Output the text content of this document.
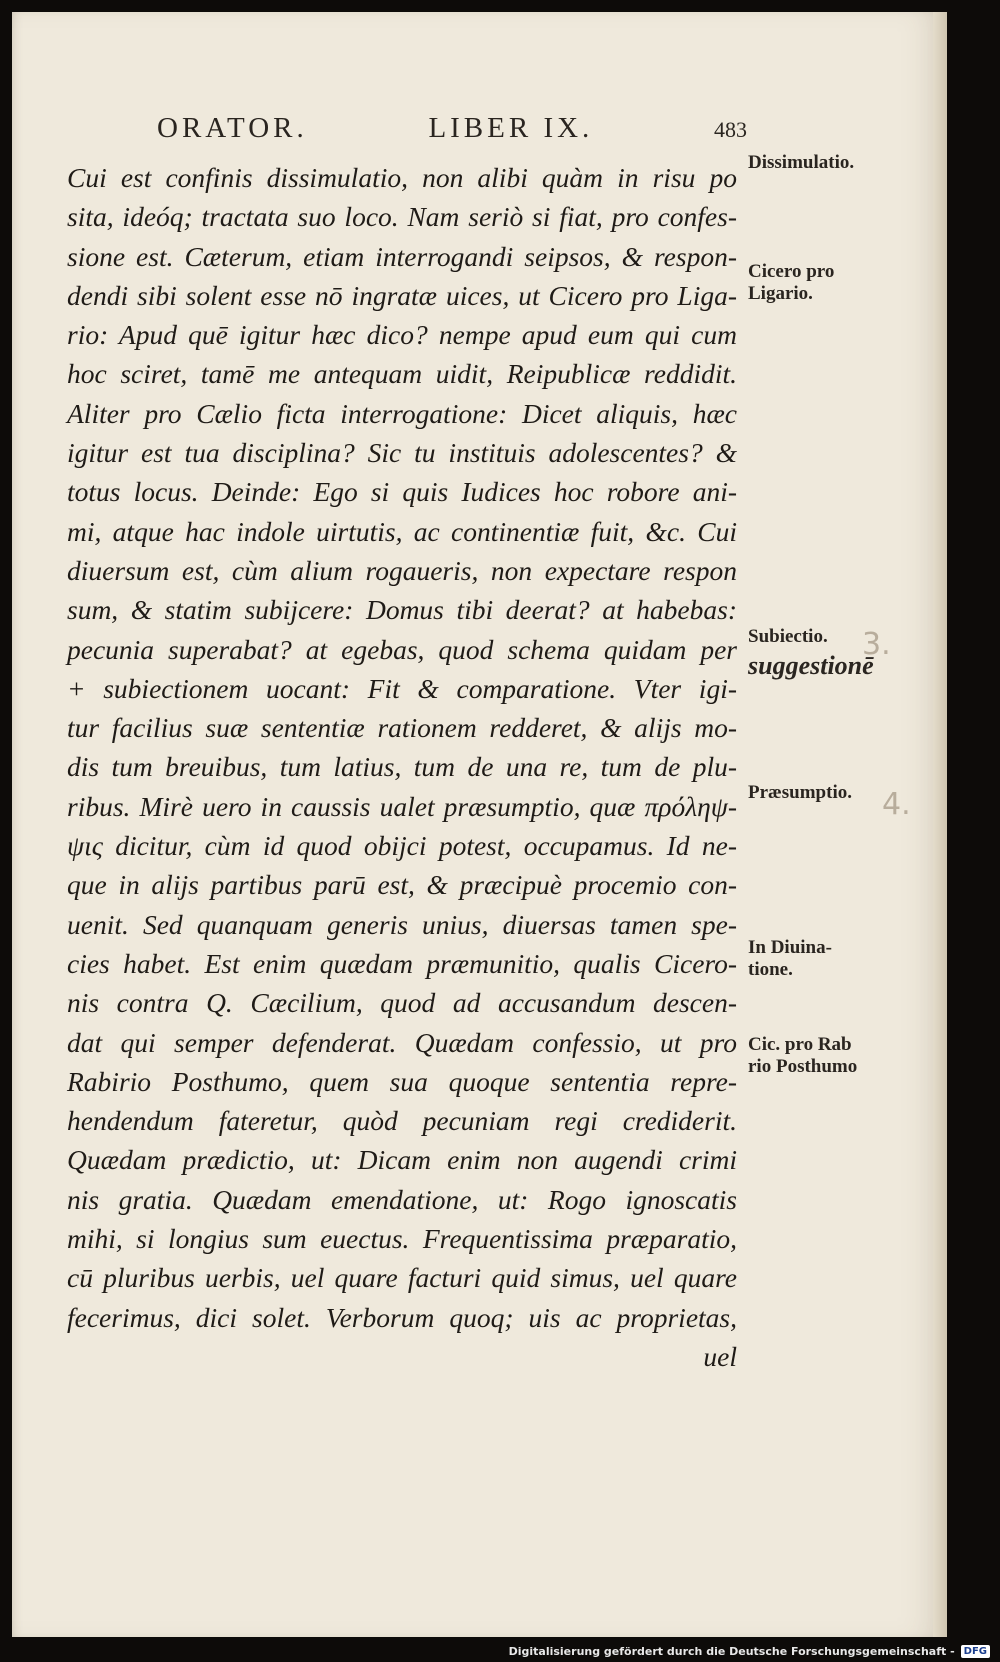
ORATOR.	LIBER IX.	483
Cui est confinis dissimulatio, non alibi quàm in risu po
sita, ideóq; tractata suo loco. Nam seriò si fiat, pro confes-
sione est. Cæterum, etiam interrogandi seipsos, & respon-
dendi sibi solent esse nō ingratæ uices, ut Cicero pro Liga-
rio: Apud quē igitur hæc dico? nempe apud eum qui cum
hoc sciret, tamē me antequam uidit, Reipublicæ reddidit.
Aliter pro Cælio ficta interrogatione: Dicet aliquis, hæc
igitur est tua disciplina? Sic tu instituis adolescentes? &
totus locus. Deinde: Ego si quis Iudices hoc robore ani-
mi, atque hac indole uirtutis, ac continentiæ fuit, &c. Cui
diuersum est, cùm alium rogaueris, non expectare respon
sum, & statim subijcere: Domus tibi deerat? at habebas:
pecunia superabat? at egebas, quod schema quidam per
+ subiectionem uocant: Fit & comparatione. Vter igi-
tur facilius suæ sententiæ rationem redderet, & alijs mo-
dis tum breuibus, tum latius, tum de una re, tum de plu-
ribus. Mirè uero in caussis ualet præsumptio, quæ πρόληψ-
ψις dicitur, cùm id quod obijci potest, occupamus. Id ne-
que in alijs partibus parū est, & præcipuè procemio con-
uenit. Sed quanquam generis unius, diuersas tamen spe-
cies habet. Est enim quædam præmunitio, qualis Cicero-
nis contra Q. Cæcilium, quod ad accusandum descen-
dat qui semper defenderat. Quædam confessio, ut pro
Rabirio Posthumo, quem sua quoque sententia repre-
hendendum fateretur, quòd pecuniam regi crediderit.
Quædam prædictio, ut: Dicam enim non augendi crimi
nis gratia. Quædam emendatione, ut: Rogo ignoscatis
mihi, si longius sum euectus. Frequentissima præparatio,
cū pluribus uerbis, uel quare facturi quid simus, uel quare
fecerimus, dici solet. Verborum quoq; uis ac proprietas,
uel
Dissimulatio.
Cicero pro
Ligario.
Subiectio.
suggestionē
Præsumptio.
In Diuina-
tione.
Cic. pro Rab
rio Posthumo
3.
4.
Digitalisierung gefördert durch die Deutsche Forschungsgemeinschaft - DFG
